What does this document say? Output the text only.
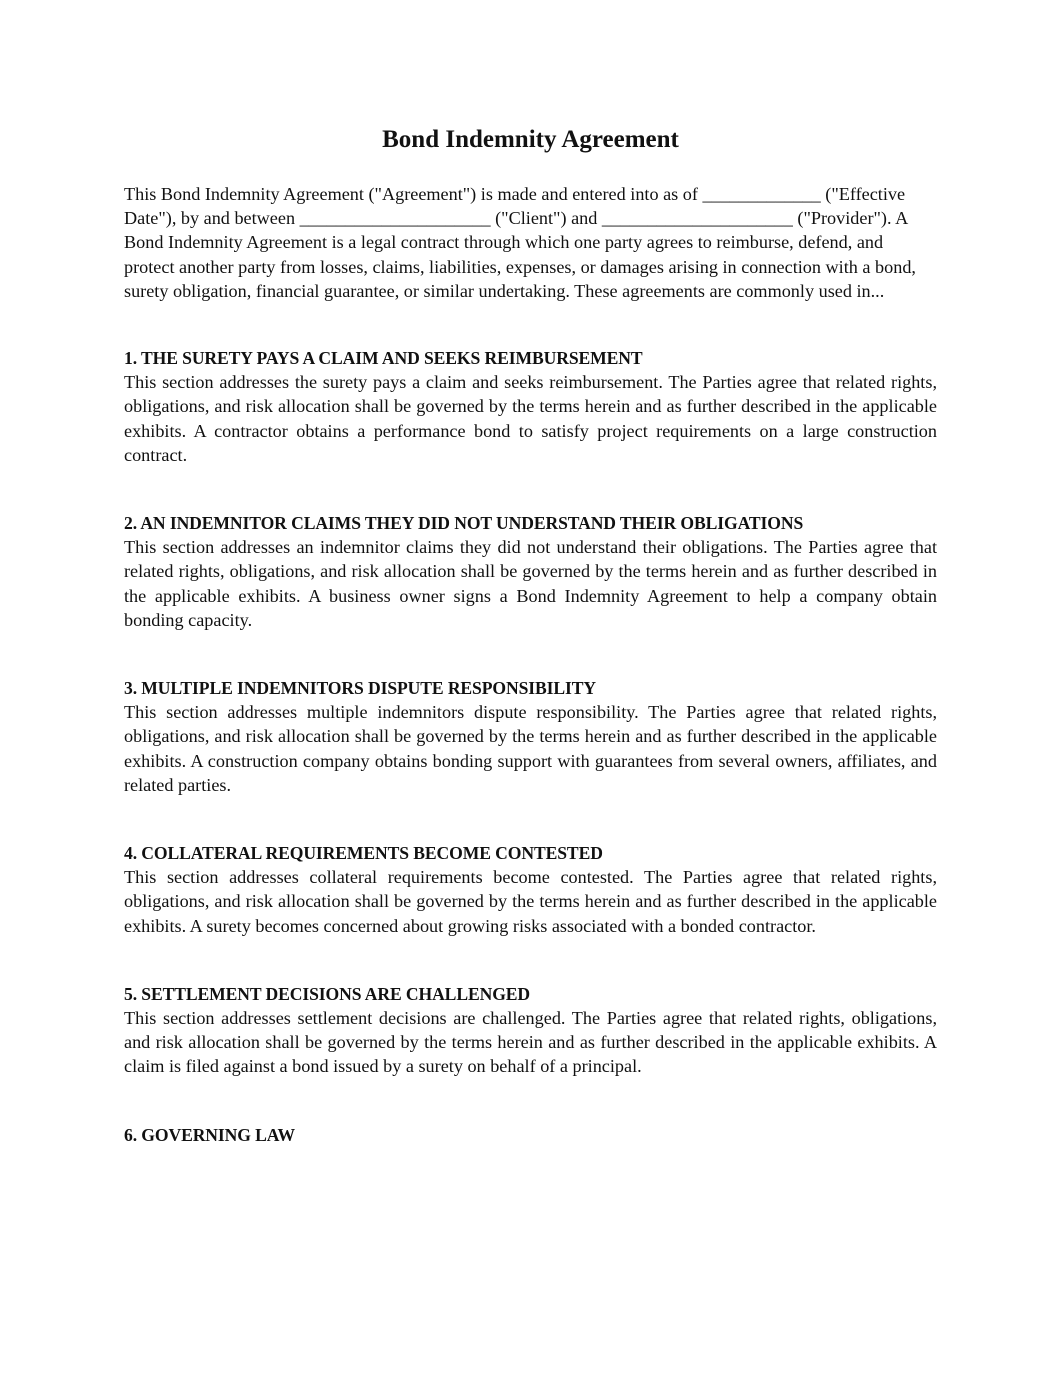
Bond Indemnity Agreement

This Bond Indemnity Agreement ("Agreement") is made and entered into as of _____________ ("Effective Date"), by and between _____________________ ("Client") and _____________________ ("Provider"). A Bond Indemnity Agreement is a legal contract through which one party agrees to reimburse, defend, and protect another party from losses, claims, liabilities, expenses, or damages arising in connection with a bond, surety obligation, financial guarantee, or similar undertaking. These agreements are commonly used in...

1. THE SURETY PAYS A CLAIM AND SEEKS REIMBURSEMENT

This section addresses the surety pays a claim and seeks reimbursement. The Parties agree that related rights, obligations, and risk allocation shall be governed by the terms herein and as further described in the applicable exhibits. A contractor obtains a performance bond to satisfy project requirements on a large construction contract.

2. AN INDEMNITOR CLAIMS THEY DID NOT UNDERSTAND THEIR OBLIGATIONS

This section addresses an indemnitor claims they did not understand their obligations. The Parties agree that related rights, obligations, and risk allocation shall be governed by the terms herein and as further described in the applicable exhibits. A business owner signs a Bond Indemnity Agreement to help a company obtain bonding capacity.

3. MULTIPLE INDEMNITORS DISPUTE RESPONSIBILITY

This section addresses multiple indemnitors dispute responsibility. The Parties agree that related rights, obligations, and risk allocation shall be governed by the terms herein and as further described in the applicable exhibits. A construction company obtains bonding support with guarantees from several owners, affiliates, and related parties.

4. COLLATERAL REQUIREMENTS BECOME CONTESTED

This section addresses collateral requirements become contested. The Parties agree that related rights, obligations, and risk allocation shall be governed by the terms herein and as further described in the applicable exhibits. A surety becomes concerned about growing risks associated with a bonded contractor.

5. SETTLEMENT DECISIONS ARE CHALLENGED

This section addresses settlement decisions are challenged. The Parties agree that related rights, obligations, and risk allocation shall be governed by the terms herein and as further described in the applicable exhibits. A claim is filed against a bond issued by a surety on behalf of a principal.

6. GOVERNING LAW
